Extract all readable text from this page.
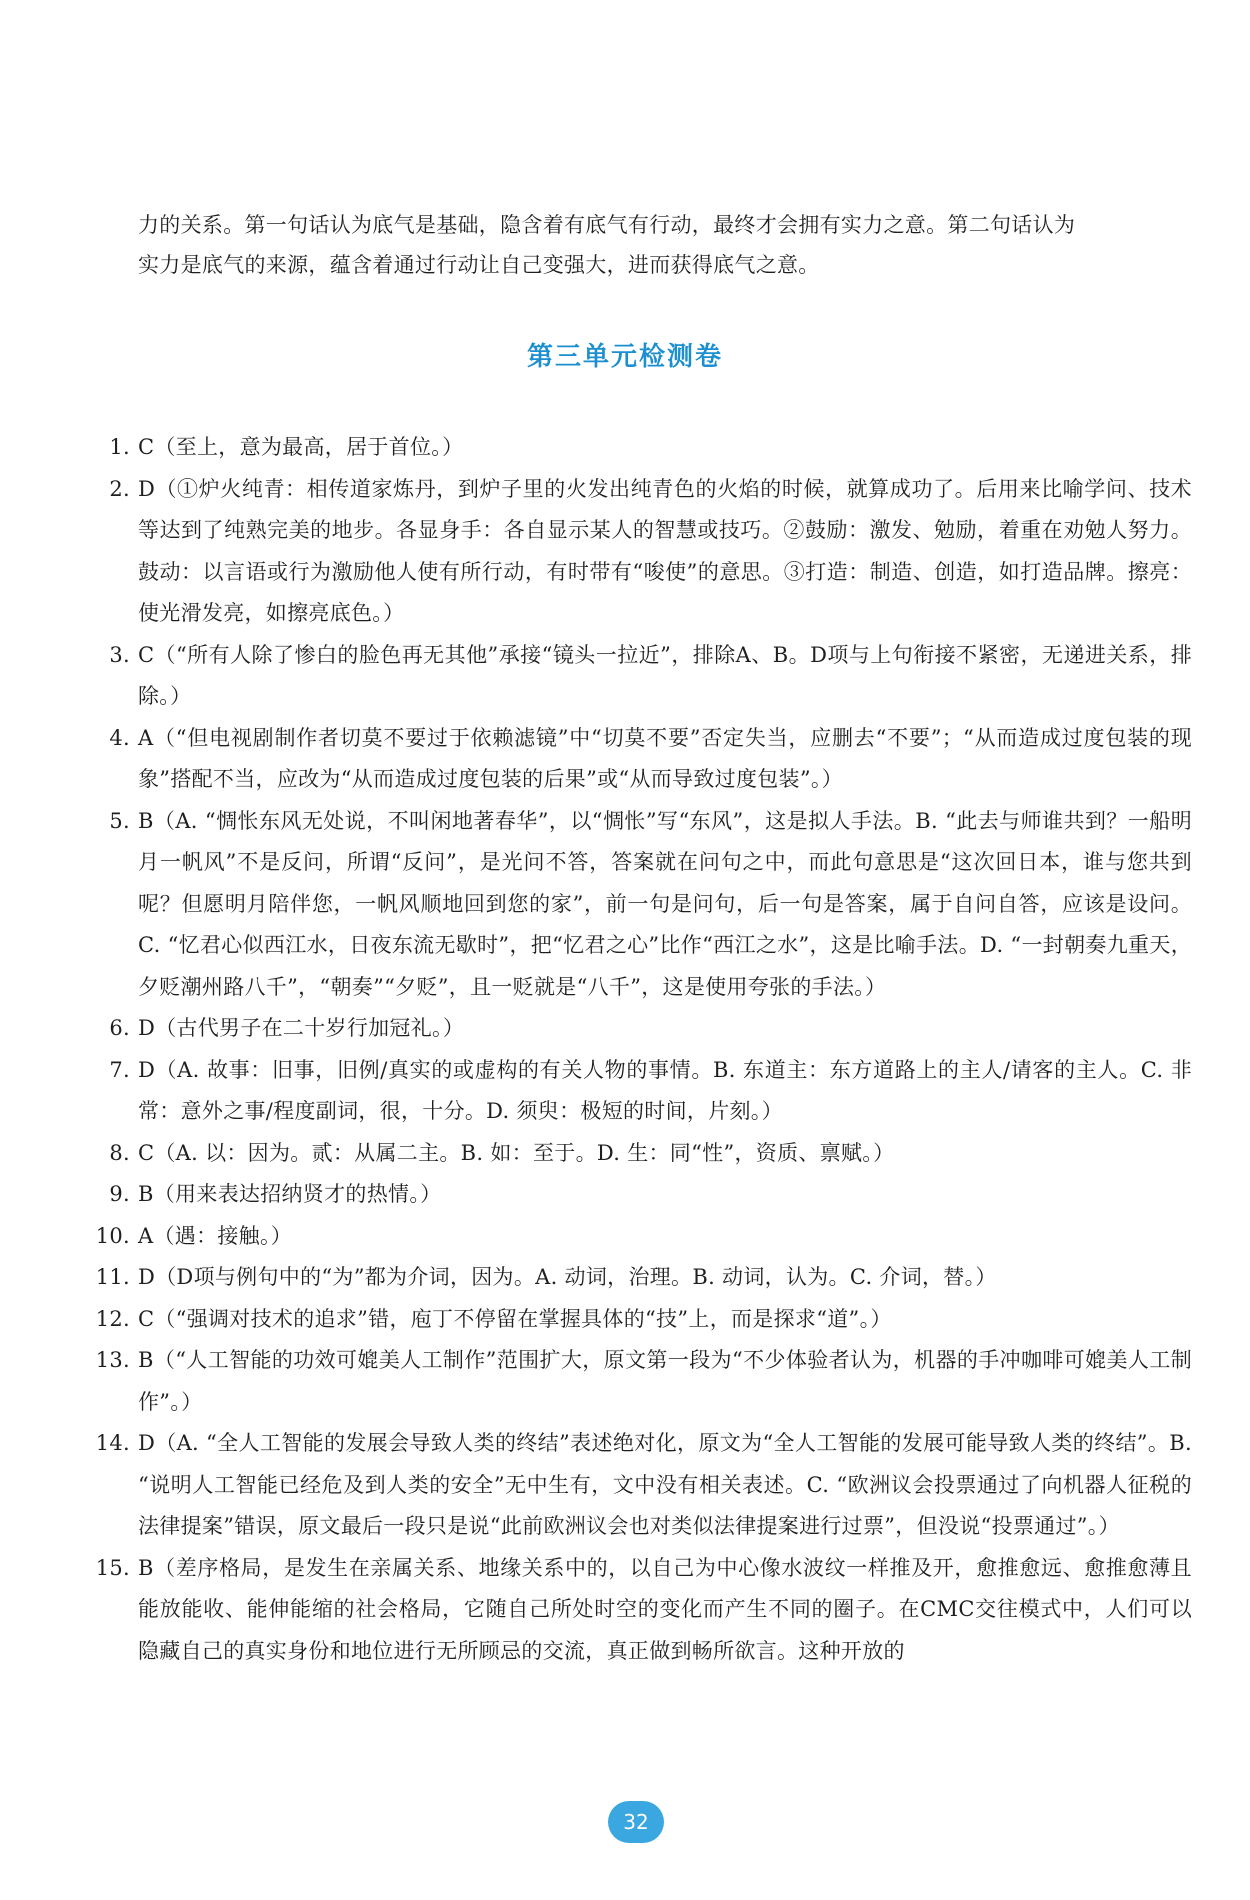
力的关系。第一句话认为底气是基础，隐含着有底气有行动，最终才会拥有实力之意。第二句话认为

实力是底气的来源，蕴含着通过行动让自己变强大，进而获得底气之意。

第三单元检测卷
1. C（至上，意为最高，居于首位。）
2. D（①炉火纯青：相传道家炼丹，到炉子里的火发出纯青色的火焰的时候，就算成功了。后用来比喻学问、技术等达到了纯熟完美的地步。各显身手：各自显示某人的智慧或技巧。②鼓励：激发、勉励，着重在劝勉人努力。鼓动：以言语或行为激励他人使有所行动，有时带有“唆使”的意思。③打造：制造、创造，如打造品牌。擦亮：使光滑发亮，如擦亮底色。）
3. C（“所有人除了惨白的脸色再无其他”承接“镜头一拉近”，排除A、B。D项与上句衔接不紧密，无递进关系，排除。）
4. A（“但电视剧制作者切莫不要过于依赖滤镜”中“切莫不要”否定失当，应删去“不要”；“从而造成过度包装的现象”搭配不当，应改为“从而造成过度包装的后果”或“从而导致过度包装”。）
5. B（A. “惆怅东风无处说，不叫闲地著春华”，以“惆怅”写“东风”，这是拟人手法。B. “此去与师谁共到？一船明月一帆风”不是反问，所谓“反问”，是光问不答，答案就在问句之中，而此句意思是“这次回日本，谁与您共到呢？但愿明月陪伴您，一帆风顺地回到您的家”，前一句是问句，后一句是答案，属于自问自答，应该是设问。C. “忆君心似西江水，日夜东流无歇时”，把“忆君之心”比作“西江之水”，这是比喻手法。D. “一封朝奏九重天，夕贬潮州路八千”，“朝奏”“夕贬”，且一贬就是“八千”，这是使用夸张的手法。）
6. D（古代男子在二十岁行加冠礼。）
7. D（A. 故事：旧事，旧例/真实的或虚构的有关人物的事情。B. 东道主：东方道路上的主人/请客的主人。C. 非常：意外之事/程度副词，很，十分。D. 须臾：极短的时间，片刻。）
8. C（A. 以：因为。贰：从属二主。B. 如：至于。D. 生：同“性”，资质、禀赋。）
9. B（用来表达招纳贤才的热情。）
10. A（遇：接触。）
11. D（D项与例句中的“为”都为介词，因为。A. 动词，治理。B. 动词，认为。C. 介词，替。）
12. C（“强调对技术的追求”错，庖丁不停留在掌握具体的“技”上，而是探求“道”。）
13. B（“人工智能的功效可媲美人工制作”范围扩大，原文第一段为“不少体验者认为，机器的手冲咖啡可媲美人工制作”。）
14. D（A. “全人工智能的发展会导致人类的终结”表述绝对化，原文为“全人工智能的发展可能导致人类的终结”。B. “说明人工智能已经危及到人类的安全”无中生有，文中没有相关表述。C. “欧洲议会投票通过了向机器人征税的法律提案”错误，原文最后一段只是说“此前欧洲议会也对类似法律提案进行过票”，但没说“投票通过”。）
15. B（差序格局，是发生在亲属关系、地缘关系中的，以自己为中心像水波纹一样推及开，愈推愈远、愈推愈薄且能放能收、能伸能缩的社会格局，它随自己所处时空的变化而产生不同的圈子。在CMC交往模式中，人们可以隐藏自己的真实身份和地位进行无所顾忌的交流，真正做到畅所欲言。这种开放的
32
